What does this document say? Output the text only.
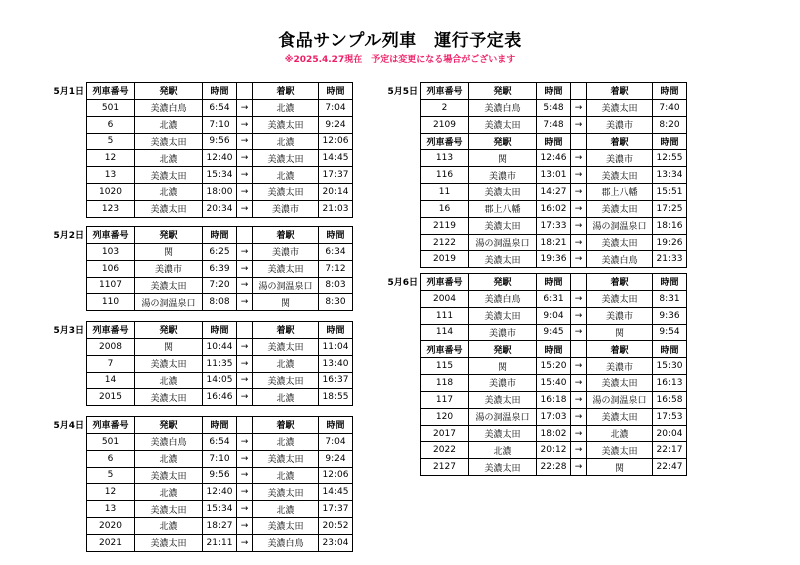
食品サンプル列車　運行予定表
※2025.4.27現在　予定は変更になる場合がございます
5月1日 列車番号	発駅	時間		着駅	時間
501	美濃白鳥	6:54	→	北濃	7:04
6	北濃	7:10	→	美濃太田	9:24
5	美濃太田	9:56	→	北濃	12:06
12	北濃	12:40	→	美濃太田	14:45
13	美濃太田	15:34	→	北濃	17:37
1020	北濃	18:00	→	美濃太田	20:14
123	美濃太田	20:34	→	美濃市	21:03
5月2日 列車番号	発駅	時間		着駅	時間
103	関	6:25	→	美濃市	6:34
106	美濃市	6:39	→	美濃太田	7:12
1107	美濃太田	7:20	→	湯の洞温泉口	8:03
110	湯の洞温泉口	8:08	→	関	8:30
5月3日 列車番号	発駅	時間		着駅	時間
2008	関	10:44	→	美濃太田	11:04
7	美濃太田	11:35	→	北濃	13:40
14	北濃	14:05	→	美濃太田	16:37
2015	美濃太田	16:46	→	北濃	18:55
5月4日 列車番号	発駅	時間		着駅	時間
501	美濃白鳥	6:54	→	北濃	7:04
6	北濃	7:10	→	美濃太田	9:24
5	美濃太田	9:56	→	北濃	12:06
12	北濃	12:40	→	美濃太田	14:45
13	美濃太田	15:34	→	北濃	17:37
2020	北濃	18:27	→	美濃太田	20:52
2021	美濃太田	21:11	→	美濃白鳥	23:04
5月5日 列車番号	発駅	時間		着駅	時間
2	美濃白鳥	5:48	→	美濃太田	7:40
2109	美濃太田	7:48	→	美濃市	8:20
列車番号	発駅	時間		着駅	時間
113	関	12:46	→	美濃市	12:55
116	美濃市	13:01	→	美濃太田	13:34
11	美濃太田	14:27	→	郡上八幡	15:51
16	郡上八幡	16:02	→	美濃太田	17:25
2119	美濃太田	17:33	→	湯の洞温泉口	18:16
2122	湯の洞温泉口	18:21	→	美濃太田	19:26
2019	美濃太田	19:36	→	美濃白鳥	21:33
5月6日 列車番号	発駅	時間		着駅	時間
2004	美濃白鳥	6:31	→	美濃太田	8:31
111	美濃太田	9:04	→	美濃市	9:36
114	美濃市	9:45	→	関	9:54
列車番号	発駅	時間		着駅	時間
115	関	15:20	→	美濃市	15:30
118	美濃市	15:40	→	美濃太田	16:13
117	美濃太田	16:18	→	湯の洞温泉口	16:58
120	湯の洞温泉口	17:03	→	美濃太田	17:53
2017	美濃太田	18:02	→	北濃	20:04
2022	北濃	20:12	→	美濃太田	22:17
2127	美濃太田	22:28	→	関	22:47
